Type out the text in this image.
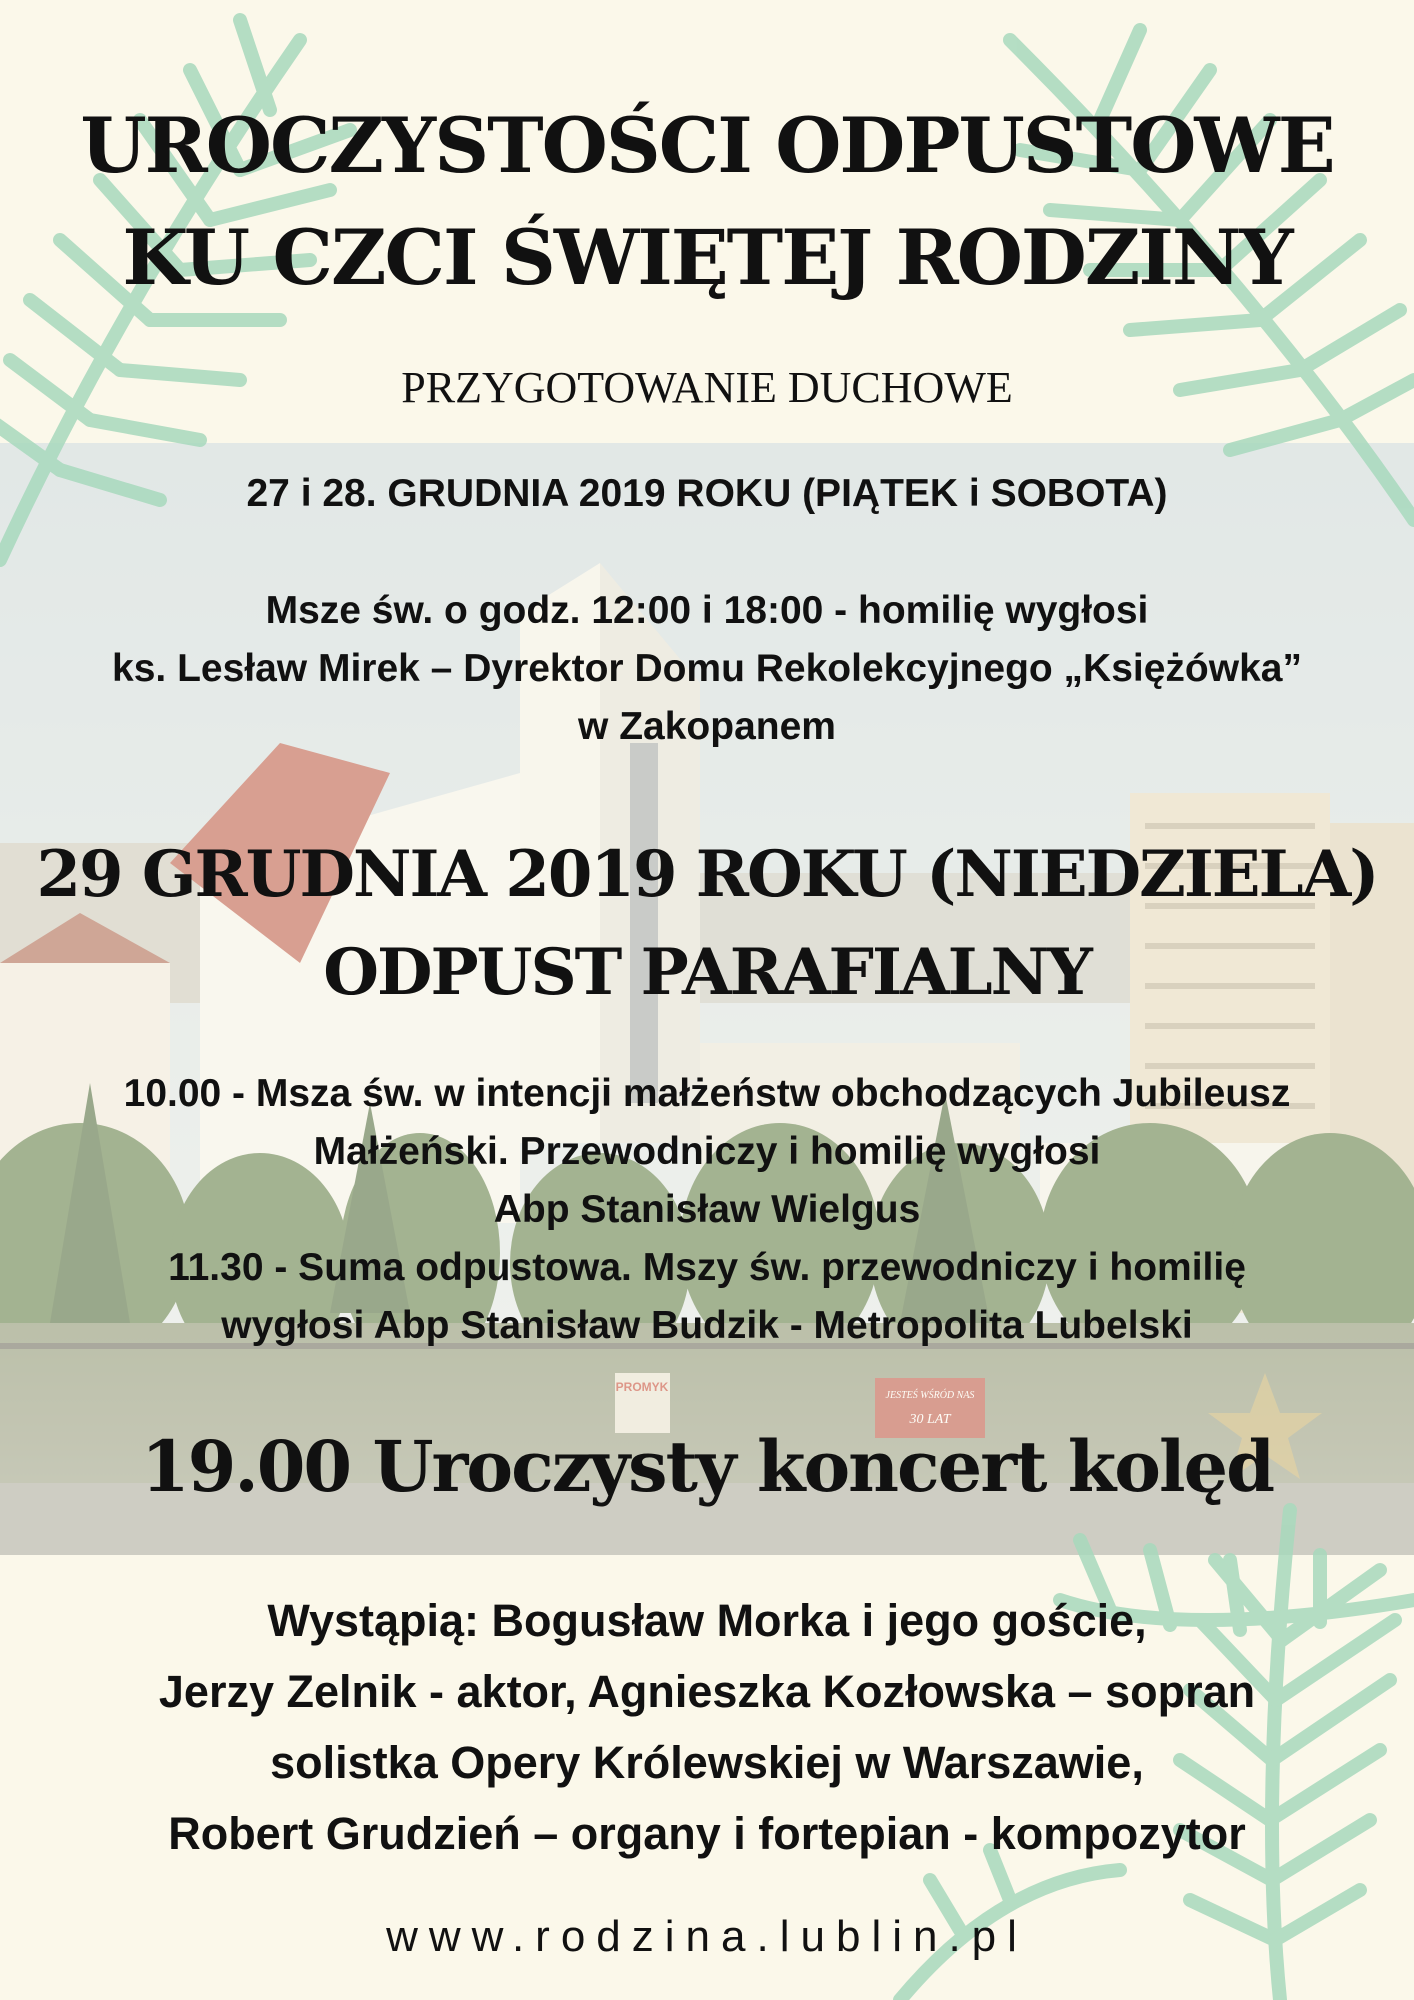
PROMYK
JESTEŚ WŚRÓD NAS
30 LAT
UROCZYSTOŚCI ODPUSTOWE
KU CZCI ŚWIĘTEJ RODZINY
PRZYGOTOWANIE DUCHOWE
27 i 28. GRUDNIA 2019 ROKU (PIĄTEK i SOBOTA)
Msze św. o godz. 12:00 i 18:00 - homilię wygłosi
ks. Lesław Mirek – Dyrektor Domu Rekolekcyjnego „Księżówka”
w Zakopanem
29 GRUDNIA 2019 ROKU (NIEDZIELA)
ODPUST PARAFIALNY
10.00 - Msza św. w intencji małżeństw obchodzących Jubileusz
Małżeński. Przewodniczy i homilię wygłosi
Abp Stanisław Wielgus
11.30 - Suma odpustowa. Mszy św. przewodniczy i homilię
wygłosi Abp Stanisław Budzik - Metropolita Lubelski
19.00 Uroczysty koncert kolęd
Wystąpią: Bogusław Morka i jego goście,
Jerzy Zelnik - aktor, Agnieszka Kozłowska – sopran
solistka Opery Królewskiej w Warszawie,
Robert Grudzień – organy i fortepian - kompozytor
www.rodzina.lublin.pl
